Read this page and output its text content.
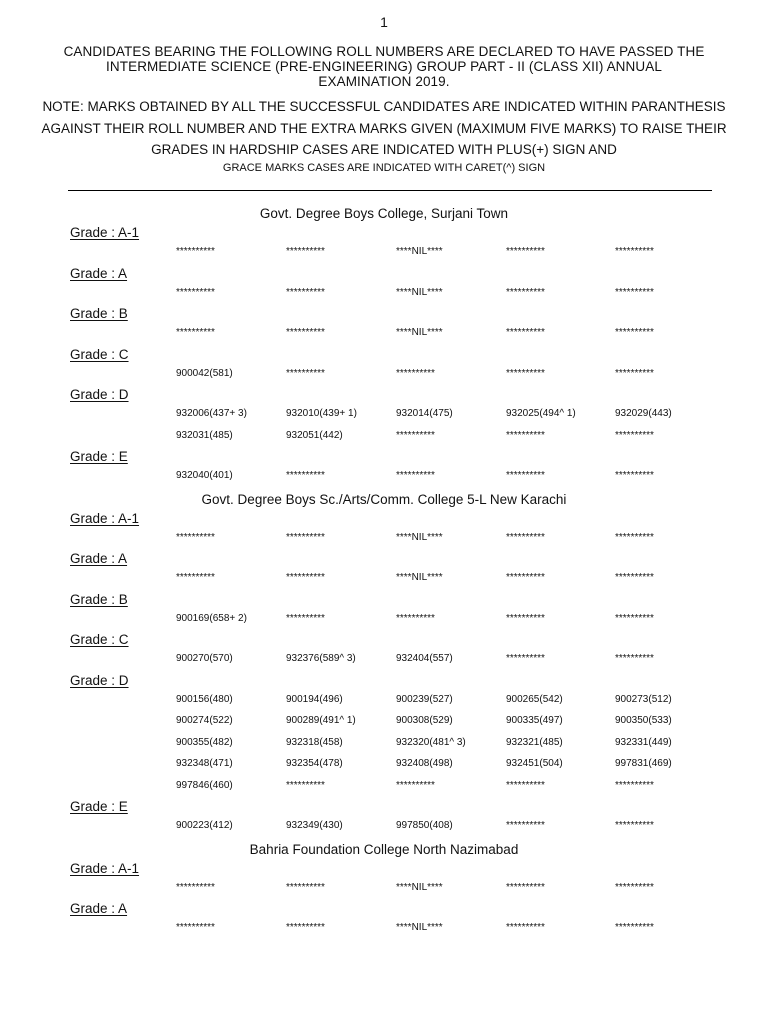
1
CANDIDATES BEARING THE FOLLOWING ROLL NUMBERS ARE DECLARED TO HAVE PASSED THE INTERMEDIATE SCIENCE (PRE-ENGINEERING) GROUP PART - II (CLASS XII) ANNUAL EXAMINATION 2019.
NOTE: MARKS OBTAINED BY ALL THE SUCCESSFUL CANDIDATES ARE INDICATED WITHIN PARANTHESIS AGAINST THEIR ROLL NUMBER AND THE EXTRA MARKS GIVEN (MAXIMUM FIVE MARKS) TO RAISE THEIR GRADES IN HARDSHIP CASES ARE INDICATED WITH PLUS(+) SIGN AND
GRACE MARKS CASES ARE INDICATED WITH CARET(^) SIGN
Govt. Degree Boys College, Surjani Town
Grade : A-1
**********	**********	****NIL****	**********	**********
Grade : A
**********	**********	****NIL****	**********	**********
Grade : B
**********	**********	****NIL****	**********	**********
Grade : C
900042(581)	**********	**********	**********	**********
Grade : D
932006(437+ 3)	932010(439+ 1)	932014(475)	932025(494^ 1)	932029(443)
932031(485)	932051(442)	**********	**********	**********
Grade : E
932040(401)	**********	**********	**********	**********
Govt. Degree Boys Sc./Arts/Comm. College 5-L New Karachi
Grade : A-1
**********	**********	****NIL****	**********	**********
Grade : A
**********	**********	****NIL****	**********	**********
Grade : B
900169(658+ 2)	**********	**********	**********	**********
Grade : C
900270(570)	932376(589^ 3)	932404(557)	**********	**********
Grade : D
900156(480)	900194(496)	900239(527)	900265(542)	900273(512)
900274(522)	900289(491^ 1)	900308(529)	900335(497)	900350(533)
900355(482)	932318(458)	932320(481^ 3)	932321(485)	932331(449)
932348(471)	932354(478)	932408(498)	932451(504)	997831(469)
997846(460)	**********	**********	**********	**********
Grade : E
900223(412)	932349(430)	997850(408)	**********	**********
Bahria Foundation College North Nazimabad
Grade : A-1
**********	**********	****NIL****	**********	**********
Grade : A
**********	**********	****NIL****	**********	**********
